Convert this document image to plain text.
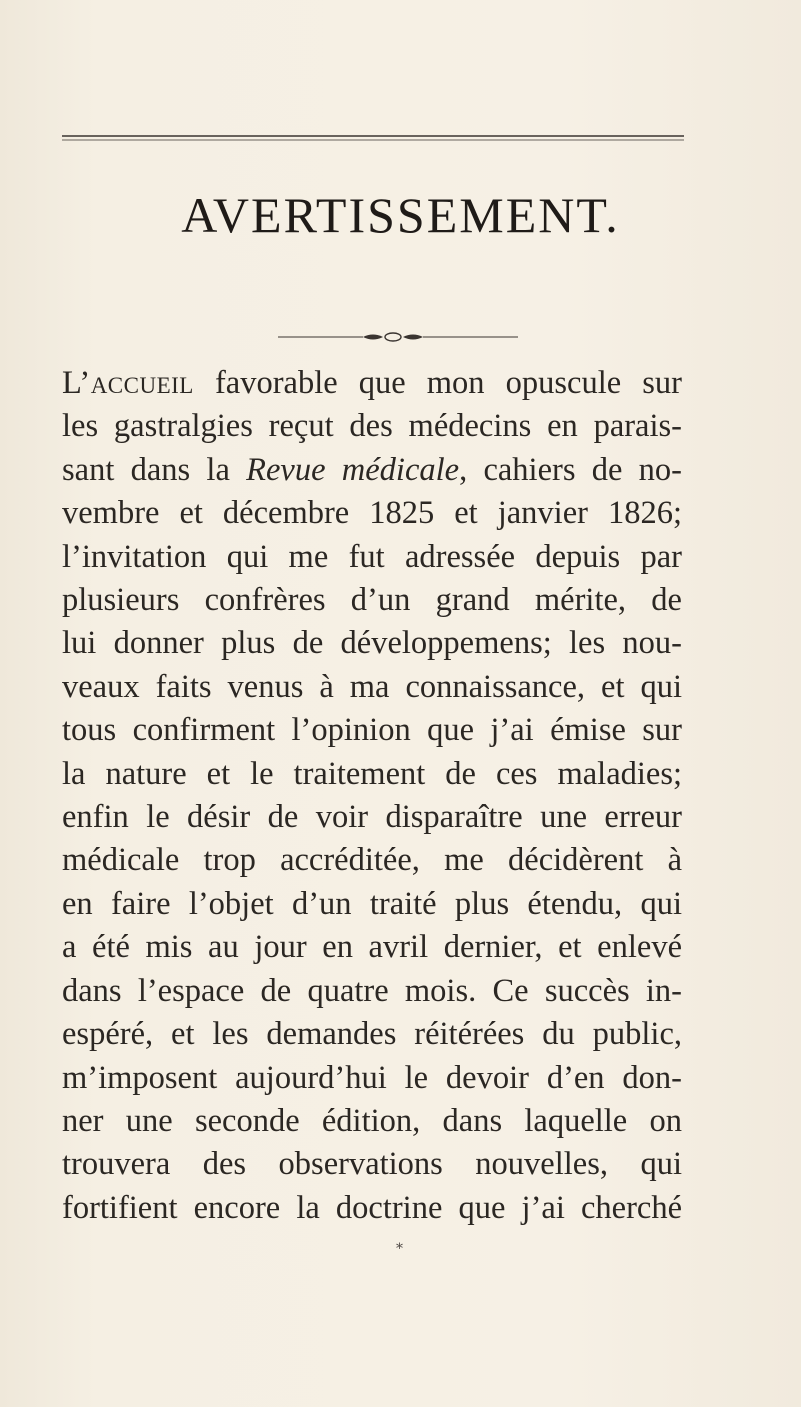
AVERTISSEMENT.
L’accueil favorable que mon opuscule sur
les gastralgies reçut des médecins en parais-
sant dans la Revue médicale, cahiers de no-
vembre et décembre 1825 et janvier 1826;
l’invitation qui me fut adressée depuis par
plusieurs confrères d’un grand mérite, de
lui donner plus de développemens; les nou-
veaux faits venus à ma connaissance, et qui
tous confirment l’opinion que j’ai émise sur
la nature et le traitement de ces maladies;
enfin le désir de voir disparaître une erreur
médicale trop accréditée, me décidèrent à
en faire l’objet d’un traité plus étendu, qui
a été mis au jour en avril dernier, et enlevé
dans l’espace de quatre mois. Ce succès in-
espéré, et les demandes réitérées du public,
m’imposent aujourd’hui le devoir d’en don-
ner une seconde édition, dans laquelle on
trouvera des observations nouvelles, qui
fortifient encore la doctrine que j’ai cherché
*
